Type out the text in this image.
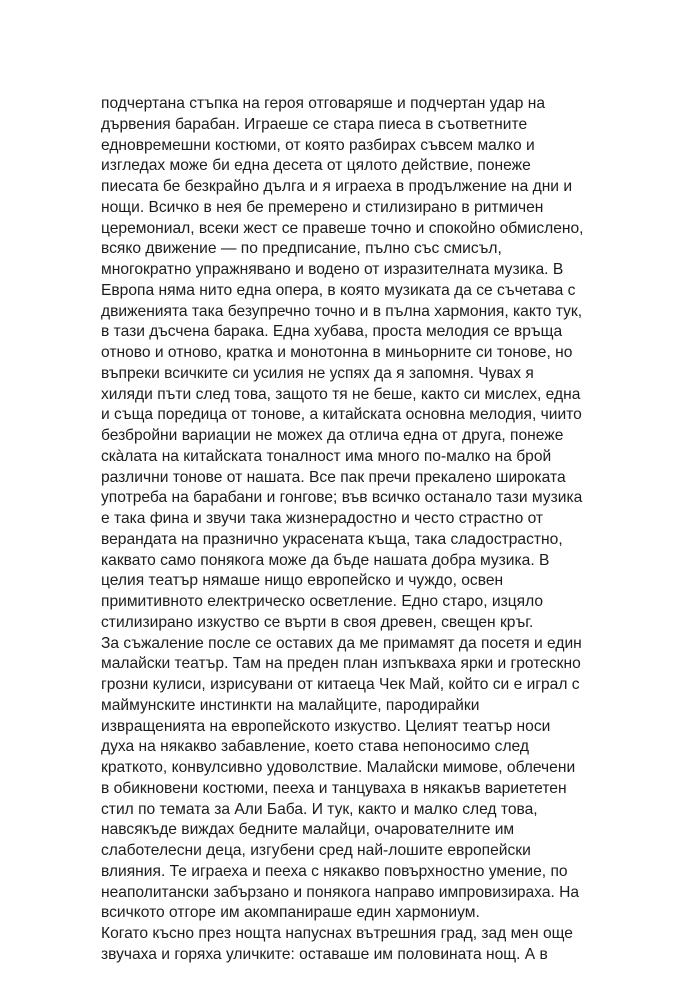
подчертана стъпка на героя отговаряше и подчертан удар на
дървения барабан. Играеше се стара пиеса в съответните
едновремешни костюми, от която разбирах съвсем малко и
изгледах може би една десета от цялото действие, понеже
пиесата бе безкрайно дълга и я играеха в продължение на дни и
нощи. Всичко в нея бе премерено и стилизирано в ритмичен
церемониал, всеки жест се правеше точно и спокойно обмислено,
всяко движение — по предписание, пълно със смисъл,
многократно упражнявано и водено от изразителната музика. В
Европа няма нито една опера, в която музиката да се съчетава с
движенията така безупречно точно и в пълна хармония, както тук,
в тази дъсчена барака. Една хубава, проста мелодия се връща
отново и отново, кратка и монотонна в миньорните си тонове, но
въпреки всичките си усилия не успях да я запомня. Чувах я
хиляди пъти след това, защото тя не беше, както си мислех, една
и съща поредица от тонове, а китайската основна мелодия, чиито
безбройни вариации не можех да отлича една от друга, понеже
скàлата на китайската тоналност има много по-малко на брой
различни тонове от нашата. Все пак пречи прекалено широката
употреба на барабани и гонгове; във всичко останало тази музика
е така фина и звучи така жизнерадостно и често страстно от
верандата на празнично украсената къща, така сладострастно,
каквато само понякога може да бъде нашата добра музика. В
целия театър нямаше нищо европейско и чуждо, освен
примитивното електрическо осветление. Едно старо, изцяло
стилизирано изкуство се върти в своя древен, свещен кръг.
За съжаление после се оставих да ме примамят да посетя и един
малайски театър. Там на преден план изпъкваха ярки и гротескно
грозни кулиси, изрисувани от китаеца Чек Май, който си е играл с
маймунските инстинкти на малайците, пародирайки
извращенията на европейското изкуство. Целият театър носи
духа на някакво забавление, което става непоносимо след
краткото, конвулсивно удоволствие. Малайски мимове, облечени
в обикновени костюми, пееха и танцуваха в някакъв вариететен
стил по темата за Али Баба. И тук, както и малко след това,
навсякъде виждах бедните малайци, очарователните им
слаботелесни деца, изгубени сред най-лошите европейски
влияния. Те играеха и пееха с някакво повърхностно умение, по
неаполитански забързано и понякога направо импровизираха. На
всичкото отгоре им акомпанираше един хармониум.
Когато късно през нощта напуснах вътрешния град, зад мен още
звучаха и горяха уличките: оставаше им половината нощ. А в
